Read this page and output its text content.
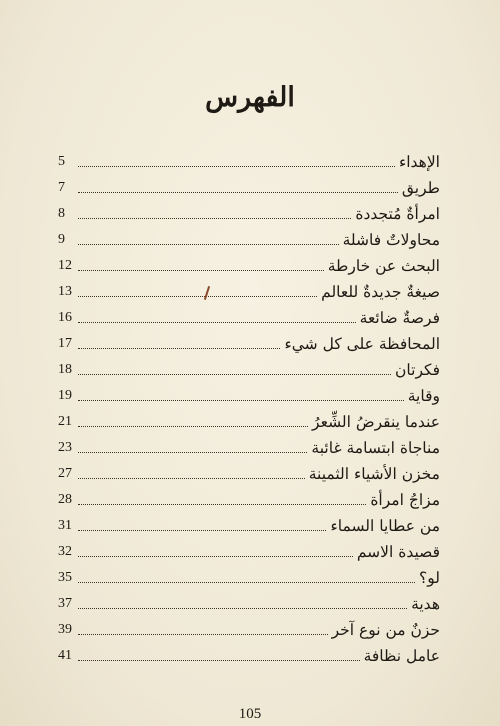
الفهرس
الإهداء
5
طريق
7
امرأةٌ مُتجددة
8
محاولاتٌ فاشلة
9
البحث عن خارطة
12
صيغةٌ جديدةٌ للعالم
13
فرصةٌ ضائعة
16
المحافظة على كل شيء
17
فكرتان
18
وقاية
19
عندما ينقرضُ الشِّعرُ
21
مناجاة ابتسامة غائبة
23
مخزن الأشياء الثمينة
27
مزاجُ امرأة
28
من عطايا السماء
31
قصيدة الاسم
32
لو؟
35
هدية
37
حزنٌ من نوع آخر
39
عامل نظافة
41
105
